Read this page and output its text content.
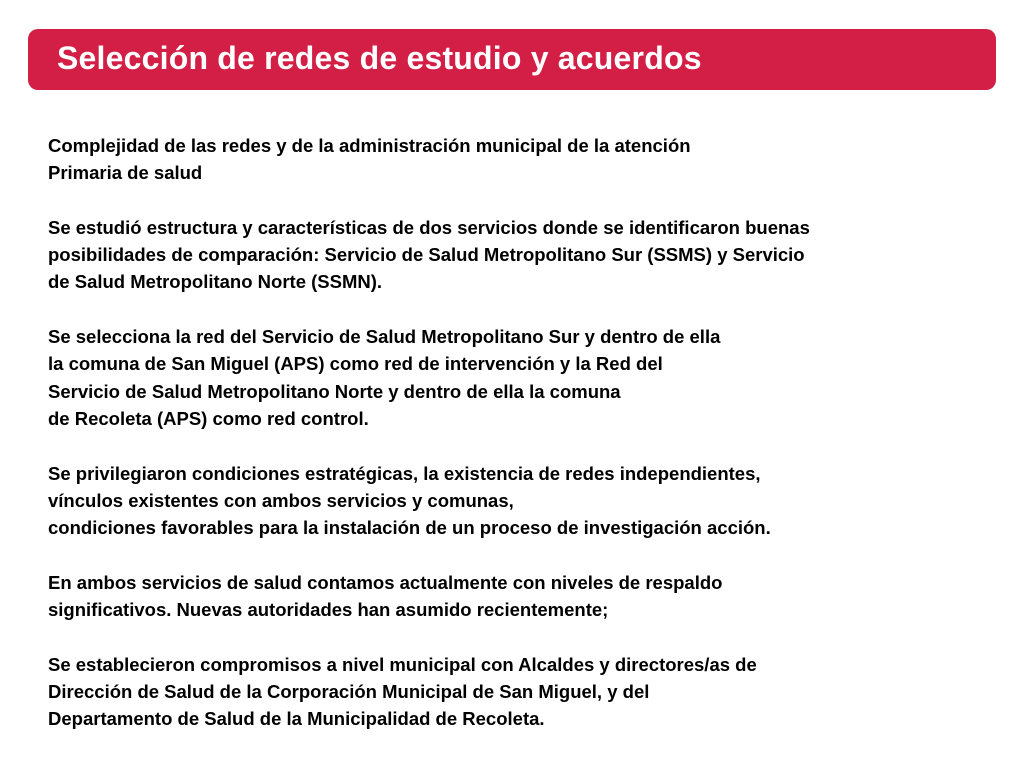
Selección de redes de estudio y acuerdos

Complejidad de las redes y de la administración municipal de la atención
Primaria de salud

Se estudió estructura y características de dos servicios donde se identificaron buenas
posibilidades de comparación: Servicio de Salud Metropolitano Sur (SSMS) y Servicio
de Salud Metropolitano Norte (SSMN).

Se selecciona la red del Servicio de Salud Metropolitano Sur y dentro de ella
la comuna de San Miguel (APS) como red de intervención y la Red del
Servicio de Salud Metropolitano Norte y dentro de ella la comuna
de Recoleta (APS) como red control.

Se privilegiaron condiciones estratégicas, la existencia de redes independientes,
vínculos existentes con ambos servicios y comunas,
condiciones favorables para la instalación de un proceso de investigación acción.

En ambos servicios de salud contamos actualmente con niveles de respaldo
significativos. Nuevas autoridades han asumido recientemente;

Se establecieron compromisos a nivel municipal con Alcaldes y directores/as de
Dirección de Salud de la Corporación Municipal de San Miguel, y del
Departamento de Salud de la Municipalidad de Recoleta.
